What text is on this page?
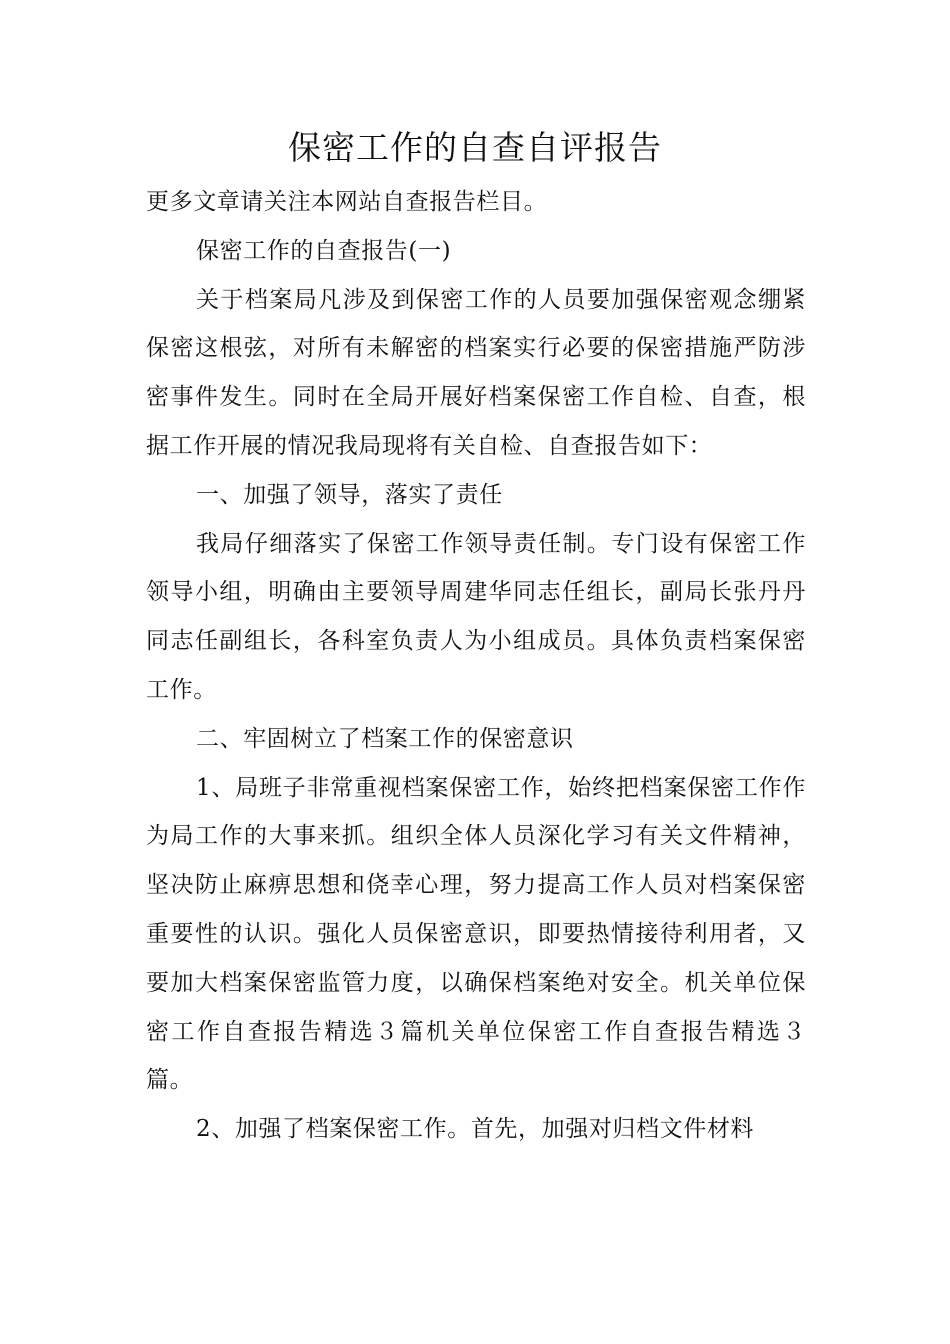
保密工作的自查自评报告

更多文章请关注本网站自查报告栏目。

保密工作的自查报告(一)

关于档案局凡涉及到保密工作的人员要加强保密观念绷紧保密这根弦，对所有未解密的档案实行必要的保密措施严防涉密事件发生。同时在全局开展好档案保密工作自检、自查，根据工作开展的情况我局现将有关自检、自查报告如下：

一、加强了领导，落实了责任

我局仔细落实了保密工作领导责任制。专门设有保密工作领导小组，明确由主要领导周建华同志任组长，副局长张丹丹同志任副组长，各科室负责人为小组成员。具体负责档案保密工作。

二、牢固树立了档案工作的保密意识

1、局班子非常重视档案保密工作，始终把档案保密工作作为局工作的大事来抓。组织全体人员深化学习有关文件精神，坚决防止麻痹思想和侥幸心理，努力提高工作人员对档案保密重要性的认识。强化人员保密意识，即要热情接待利用者，又要加大档案保密监管力度，以确保档案绝对安全。机关单位保密工作自查报告精选３篇机关单位保密工作自查报告精选３篇。

2、加强了档案保密工作。首先，加强对归档文件材料
